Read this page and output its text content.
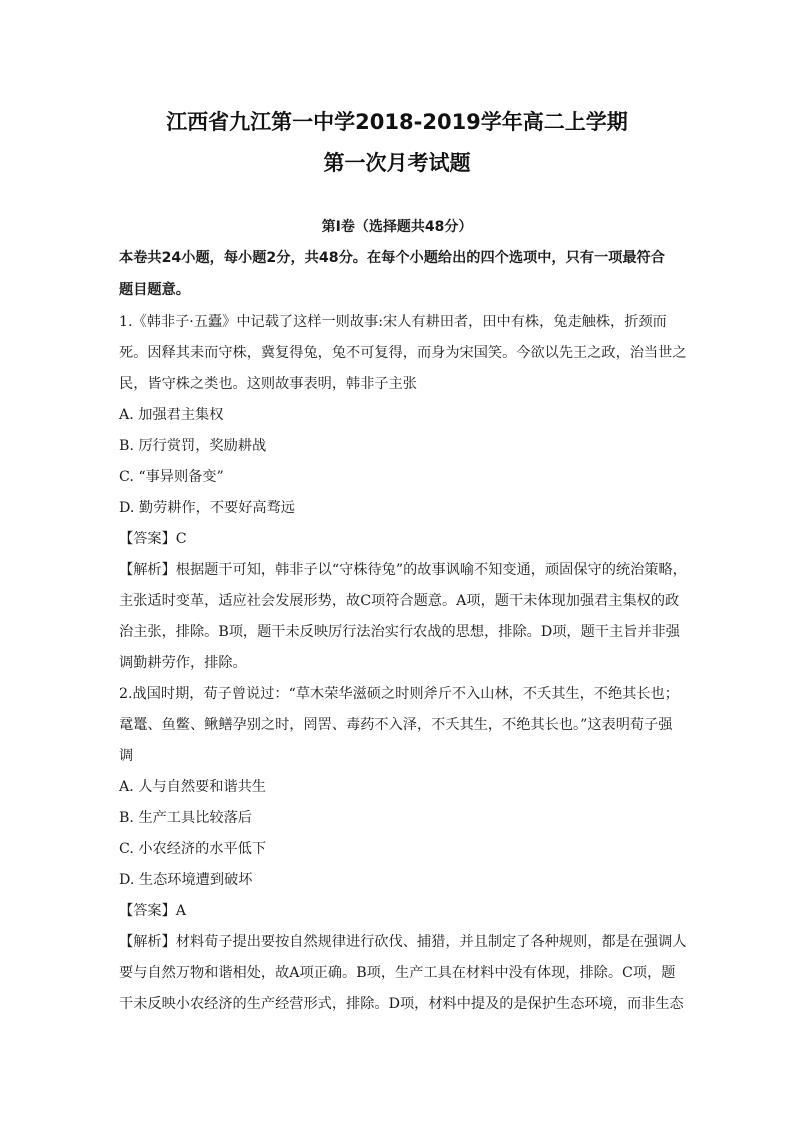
江西省九江第一中学2018-2019学年高二上学期
第一次月考试题
第Ⅰ卷（选择题共48分）
本卷共24小题，每小题2分，共48分。在每个小题给出的四个选项中，只有一项最符合
题目题意。
1.《韩非子·五蠹》中记载了这样一则故事:宋人有耕田者，田中有株，兔走触株，折颈而
死。因释其耒而守株，冀复得兔，兔不可复得，而身为宋国笑。今欲以先王之政，治当世之
民，皆守株之类也。这则故事表明，韩非子主张
A. 加强君主集权
B. 厉行赏罚，奖励耕战
C. “事异则备变”
D. 勤劳耕作，不要好高骛远
【答案】C
【解析】根据题干可知，韩非子以“守株待兔”的故事讽喻不知变通，顽固保守的统治策略，
主张适时变革，适应社会发展形势，故C项符合题意。A项，题干未体现加强君主集权的政
治主张，排除。B项，题干未反映厉行法治实行农战的思想，排除。D项，题干主旨并非强
调勤耕劳作，排除。
2.战国时期，荀子曾说过：“草木荣华滋硕之时则斧斤不入山林，不夭其生，不绝其长也；
鼋鼍、鱼鳖、鳅鳝孕别之时，罔罟、毒药不入泽，不夭其生，不绝其长也。”这表明荀子强
调
A. 人与自然要和谐共生
B. 生产工具比较落后
C. 小农经济的水平低下
D. 生态环境遭到破坏
【答案】A
【解析】材料荀子提出要按自然规律进行砍伐、捕猎，并且制定了各种规则，都是在强调人
要与自然万物和谐相处，故A项正确。B项，生产工具在材料中没有体现，排除。C项，题
干未反映小农经济的生产经营形式，排除。D项，材料中提及的是保护生态环境，而非生态
